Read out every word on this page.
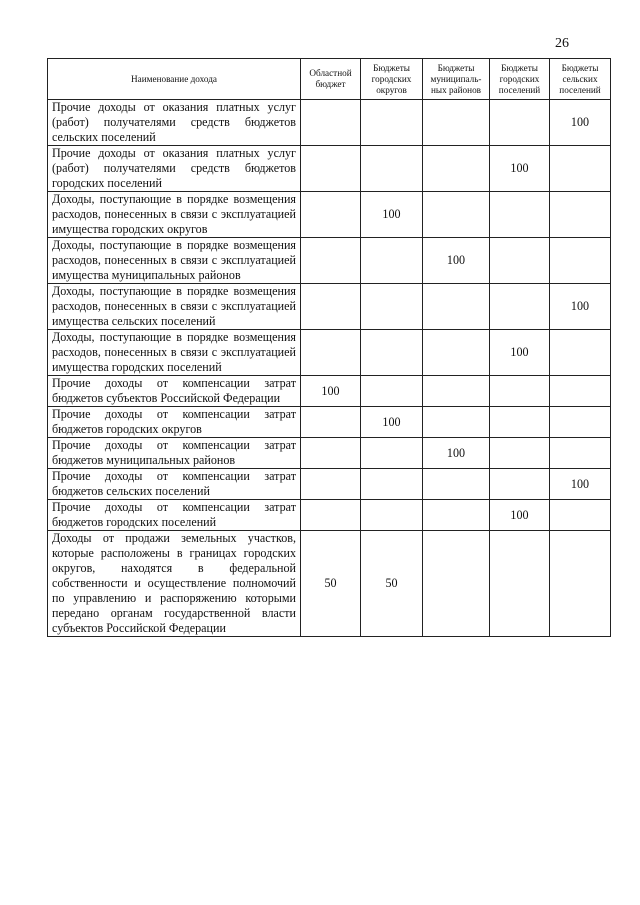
26
Наименование дохода	Областной бюджет	Бюджеты городских округов	Бюджеты муниципаль-ных районов	Бюджеты городских поселений	Бюджеты сельских поселений
Прочие доходы от оказания платных услуг (работ) получателями средств бюджетов сельских поселений					100
Прочие доходы от оказания платных услуг (работ) получателями средств бюджетов городских поселений				100	
Доходы, поступающие в порядке возмещения расходов, понесенных в связи с эксплуатацией имущества городских округов		100			
Доходы, поступающие в порядке возмещения расходов, понесенных в связи с эксплуатацией имущества муниципальных районов			100		
Доходы, поступающие в порядке возмещения расходов, понесенных в связи с эксплуатацией имущества сельских поселений					100
Доходы, поступающие в порядке возмещения расходов, понесенных в связи с эксплуатацией имущества городских поселений				100	
Прочие доходы от компенсации затрат бюджетов субъектов Российской Федерации	100				
Прочие доходы от компенсации затрат бюджетов городских округов		100			
Прочие доходы от компенсации затрат бюджетов муниципальных районов			100		
Прочие доходы от компенсации затрат бюджетов сельских поселений					100
Прочие доходы от компенсации затрат бюджетов городских поселений				100	
Доходы от продажи земельных участков, которые расположены в границах городских округов, находятся в федеральной собственности и осуществление полномочий по управлению и распоряжению которыми передано органам государственной власти субъектов Российской Федерации	50	50			
